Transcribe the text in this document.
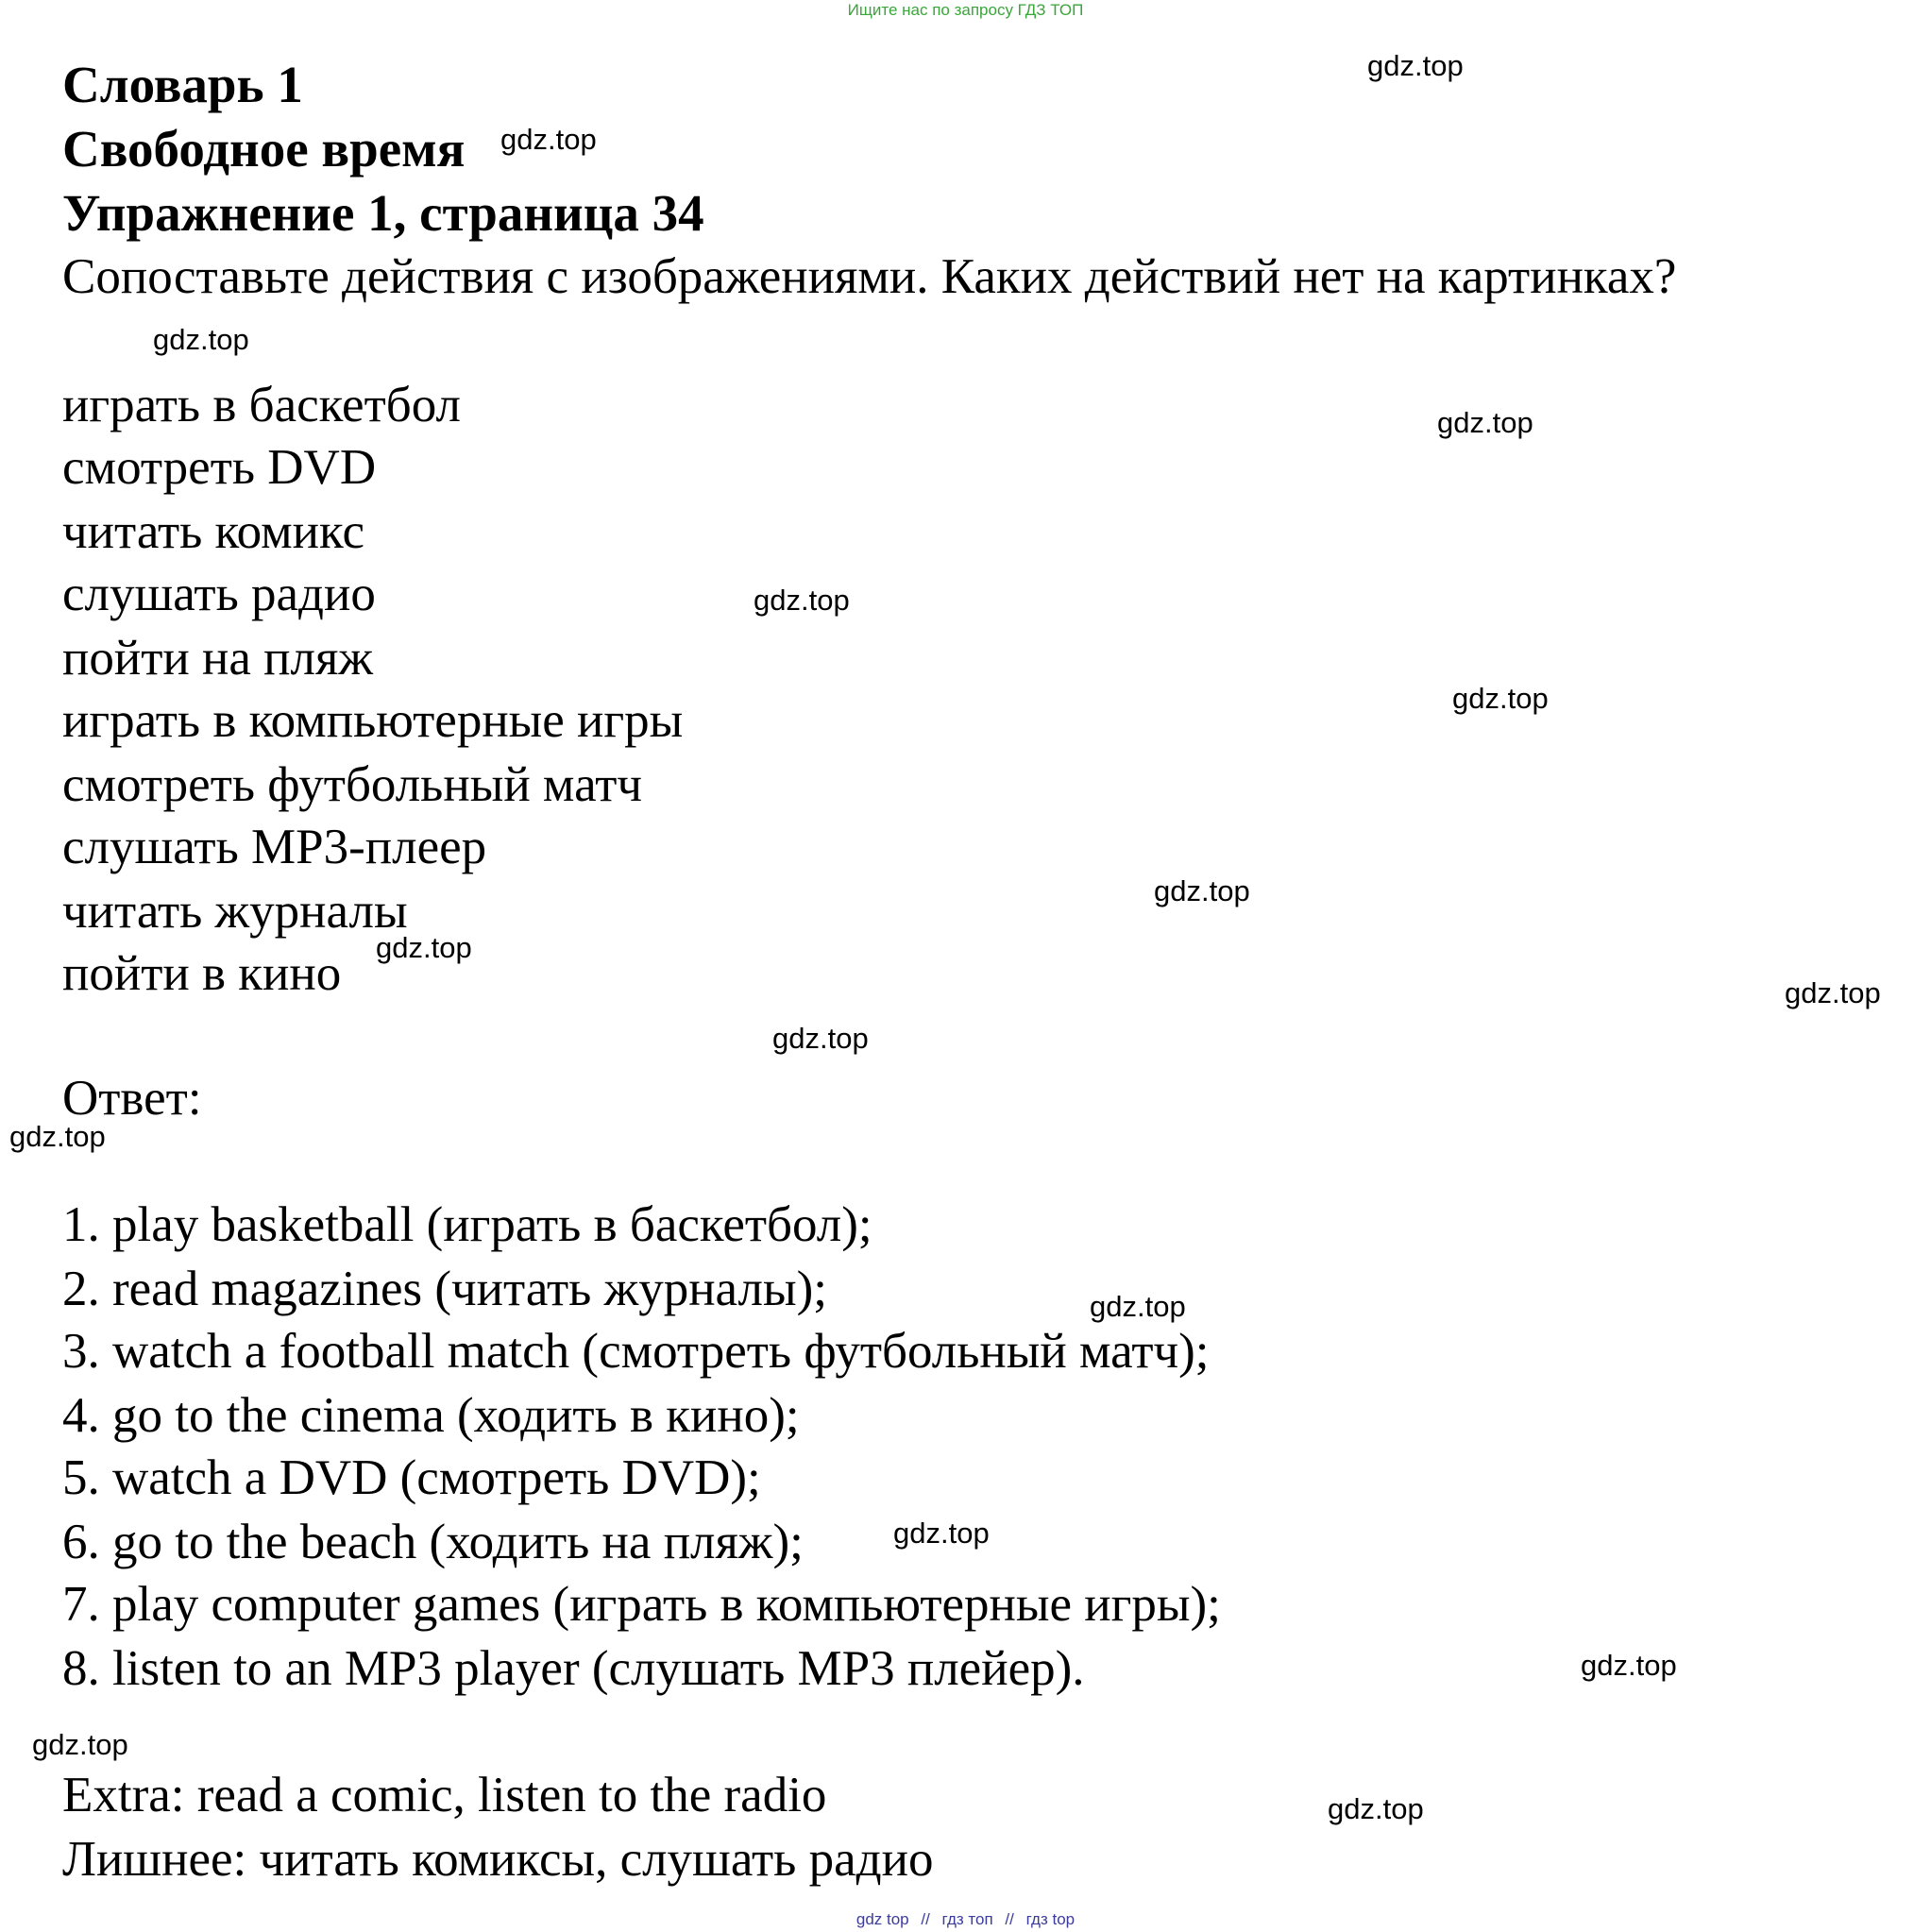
Ищите нас по запросу ГДЗ ТОП
Словарь 1
Свободное время
Упражнение 1, страница 34
Сопоставьте действия с изображениями. Каких действий нет на картинках?
играть в баскетбол
смотреть DVD
читать комикс
слушать радио
пойти на пляж
играть в компьютерные игры
смотреть футбольный матч
слушать MP3-плеер
читать журналы
пойти в кино
Ответ:
1. play basketball (играть в баскетбол);
2. read magazines (читать журналы);
3. watch a football match (смотреть футбольный матч);
4. go to the cinema (ходить в кино);
5. watch a DVD (смотреть DVD);
6. go to the beach (ходить на пляж);
7. play computer games (играть в компьютерные игры);
8. listen to an MP3 player (слушать MP3 плейер).
Extra: read a comic, listen to the radio
Лишнее: читать комиксы, слушать радио
gdz.top
gdz.top
gdz.top
gdz.top
gdz.top
gdz.top
gdz.top
gdz.top
gdz.top
gdz.top
gdz.top
gdz.top
gdz.top
gdz.top
gdz.top
gdz.top
gdz top // гдз топ // гдз top
